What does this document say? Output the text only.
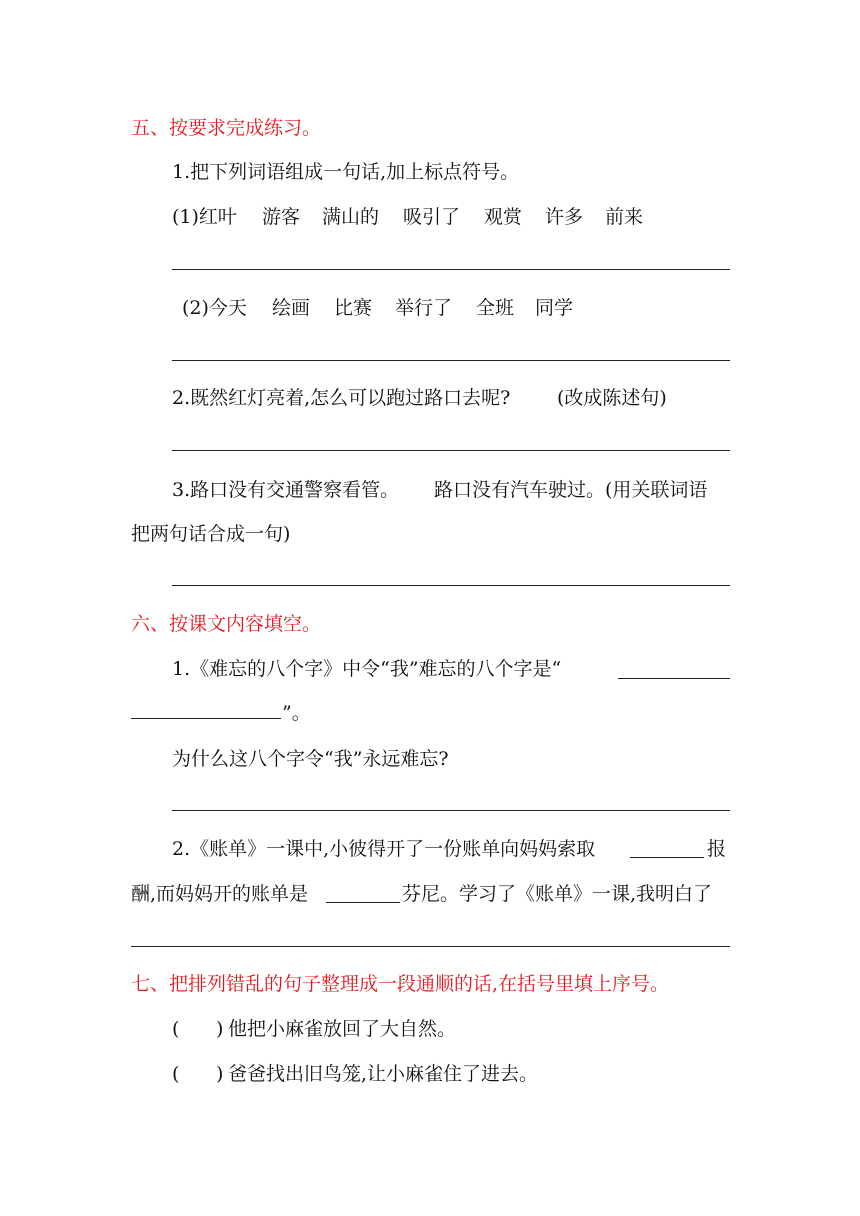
五、按要求完成练习。
1.把下列词语组成一句话,加上标点符号。
(1)红叶 游客 满山的 吸引了 观赏 许多 前来
(2)今天 绘画 比赛 举行了 全班 同学
2.既然红灯亮着,怎么可以跑过路口去呢? (改成陈述句)
3.路口没有交通警察看管。 路口没有汽车驶过。(用关联词语
把两句话合成一句)
六、按课文内容填空。
1.《难忘的八个字》中令“我”难忘的八个字是“
”。
为什么这八个字令“我”永远难忘?
2.《账单》一课中,小彼得开了一份账单向妈妈索取	报
酬,而妈妈开的账单是	芬尼。学习了《账单》一课,我明白了
七、把排列错乱的句子整理成一段通顺的话,在括号里填上序号。
( ) 他把小麻雀放回了大自然。
( ) 爸爸找出旧鸟笼,让小麻雀住了进去。
